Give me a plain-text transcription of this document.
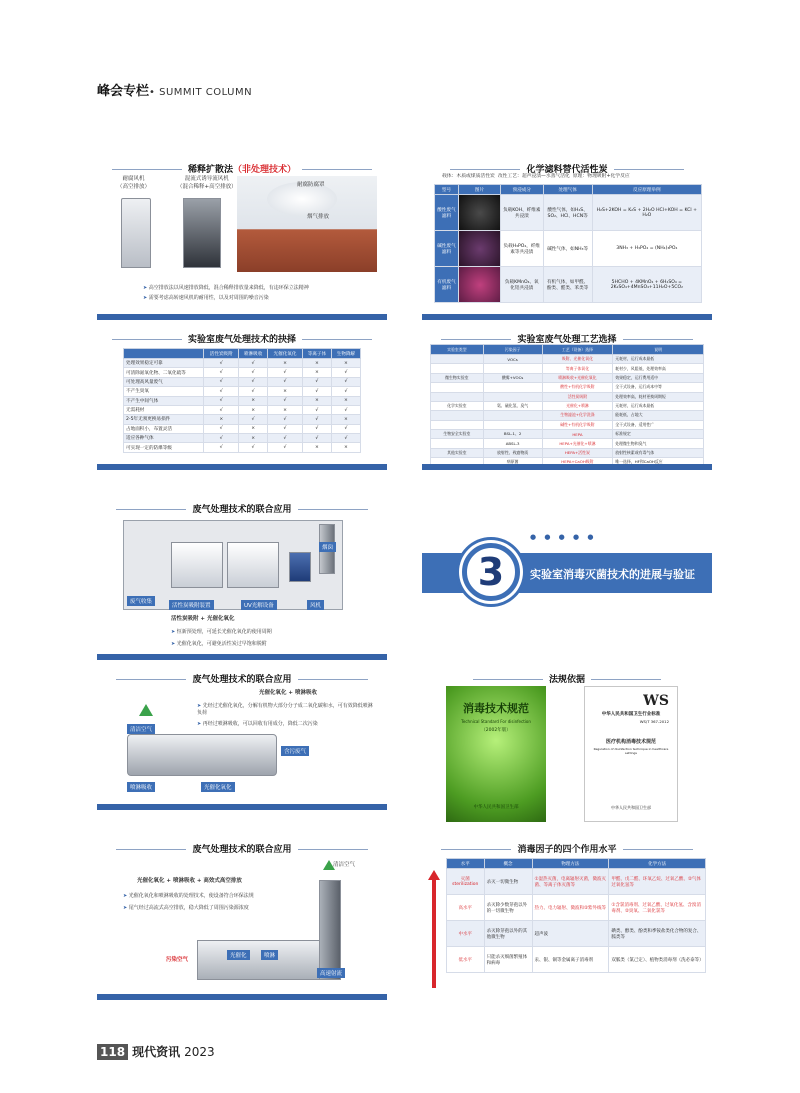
峰会专栏• SUMMIT COLUMN
稀释扩散法（非处理技术）
耐腐风机
（高空排放）
混流式诱导流风机
（混合稀释+高空排放）	耐腐防腐罩
烟气排放
➤ 高空排放法以风速排放降低，混合稀释排放量来降低，有违环保立法精神
➤ 需要考虑高转速风机的耐用性，以及对周围的噪音污染
化学滤料替代活性炭
载体：木质或煤质活性炭 改性工艺：超声浸渍—水蒸气活化 原理：物理吸附+化学反应
型号	图片	预浸成分	处理气体	反应原理举例
酸性废气滤料		负载KOH、纤维素共浸渍	酸性气体，如H₂S、SO₂、HCl、HCN等	H₂S+2KOH = K₂S + 2H₂O HCl+KOH = KCl + H₂O
碱性废气滤料		负载H₃PO₄，纤维素等共浸渍	碱性气体，如NH₃等	3NH₃ + H₃PO₄ = (NH₄)₃PO₄
有机废气滤料		负载KMnO₄、氧化铝共浸渍	有机气体，如甲醛、酚类、醛类、苯类等	5HCHO + 4KMnO₄ + 6H₂SO₄ = 2K₂SO₄+4MnSO₄+11H₂O+5CO₂
实验室废气处理技术的抉择
	活性炭吸附	喷淋吸收	光催化氧化	等离子体	生物降解
处理效果稳定可靠	√	√	×	×	×
可清除氮氧化物、二氧化硫等	√	√	√	×	√
可处理高风量废气	√	√	√	√	√
不产生臭氧	√	√	×	√	√
不产生中间气体	√	×	√	×	×
无需耗材	√	×	×	√	√
2-5年无须更换易损件	×	√	√	√	×
占地面积小，布置灵活	√	×	√	√	√
适应各种气体	√	×	√	√	√
可实现一定的防爆等级	√	√	√	×	×
实验室废气处理工艺选择
实验室类型	污染因子	工艺（设备）选择	说明
	VOCs	吸附、光催化氧化	无耗材，运行成本最低
		等离子体氧化	耗材少，风阻低，处理效率高
微生物实验室	酸雾+VOCs	喷淋吸收+光催化氧化	效果稳定，运行费用适中
		酸性+有机化学吸附	全干式设备，运行成本中等
		活性炭吸附	处理效率高，耗材更换周期短
化学实验室	氨、硫化氢、臭气	光催化+喷淋	无耗材，运行成本最低
		生物滤池+化学洗涤	能耗低，占地大
		碱性+有机化学吸附	全干式设备，适用性广
生物安全实验室	BSL-1、2	HEPA	标准规定
	ABSL-3	HEPA+光催化+喷淋	处理微生物和臭气
其他实验室	放射性、致癌物质	HEPA+活性炭	放射性核素或有毒气体
	病原菌	HEPA+CaOH吸附	唯一选择，HF和CaOH反应
废气处理技术的联合应用
废气收集
活性炭吸附装置	UV光解设备	风机
烟囱
活性炭吸附 + 光催化氧化
➤ 恒新预处理，可延长光催化氧化的使用周期
➤ 光催化氧化，可避免活性炭过早饱和脱附
● ● ● ● ●
3	实验室消毒灭菌技术的进展与验证
废气处理技术的联合应用
光催化氧化 + 喷淋吸收
➤ 先经过光催化氧化，分解有机物大部分分子成二氧化碳和水，可有效降低喷淋负荷
➤ 再经过喷淋吸收，可以回收有用成分，降低二次污染
清洁空气
喷淋吸收	光催化氧化
含污废气
法规依据
消毒技术规范
Technical Standard For disinfection
（2002年版）
中华人民共和国卫生部
WS
中华人民共和国卫生行业标准
WS/T 367-2012
医疗机构消毒技术规范
Regulation of disinfection technique in healthcare settings
中华人民共和国卫生部
废气处理技术的联合应用
光催化氧化 + 喷淋吸收 + 高效式高空排放
➤ 光催化氧化和喷淋吸收的处理技术，使设备符合环保法规
➤ 尾气经过高流式高空排放，稳大降低了周围污染源浓度
清洁空气
污染空气
光催化	喷淋
高速射流
消毒因子的四个作用水平
水平	概念	物理方法	化学方法
灭菌 sterilization	杀灭一切微生物	①湿热灭菌，电离辐射灭菌，微波灭菌、等离子体灭菌等	甲醛、戊二醛、环氧乙烷、过氧乙酸、②气体过氧化氢等
高水平	杀灭除少数芽孢以外的一切微生物	热力、电力辐射、微波和②紫外线等	①含氯消毒剂、过氧乙酸、过氧化氢、含溴消毒剂、②臭氧、二氧化氯等
中水平	杀灭除芽孢以外的其他微生物	超声波	碘类、醇类、酚类和季铵盐类化合物的复合、胍类等
低水平	只能杀灭细菌繁殖体和病毒	汞、银、铜等金属离子消毒剂	双胍类（氯己定）、植物类消毒剂（洗必泰等）
118 现代资讯 2023
